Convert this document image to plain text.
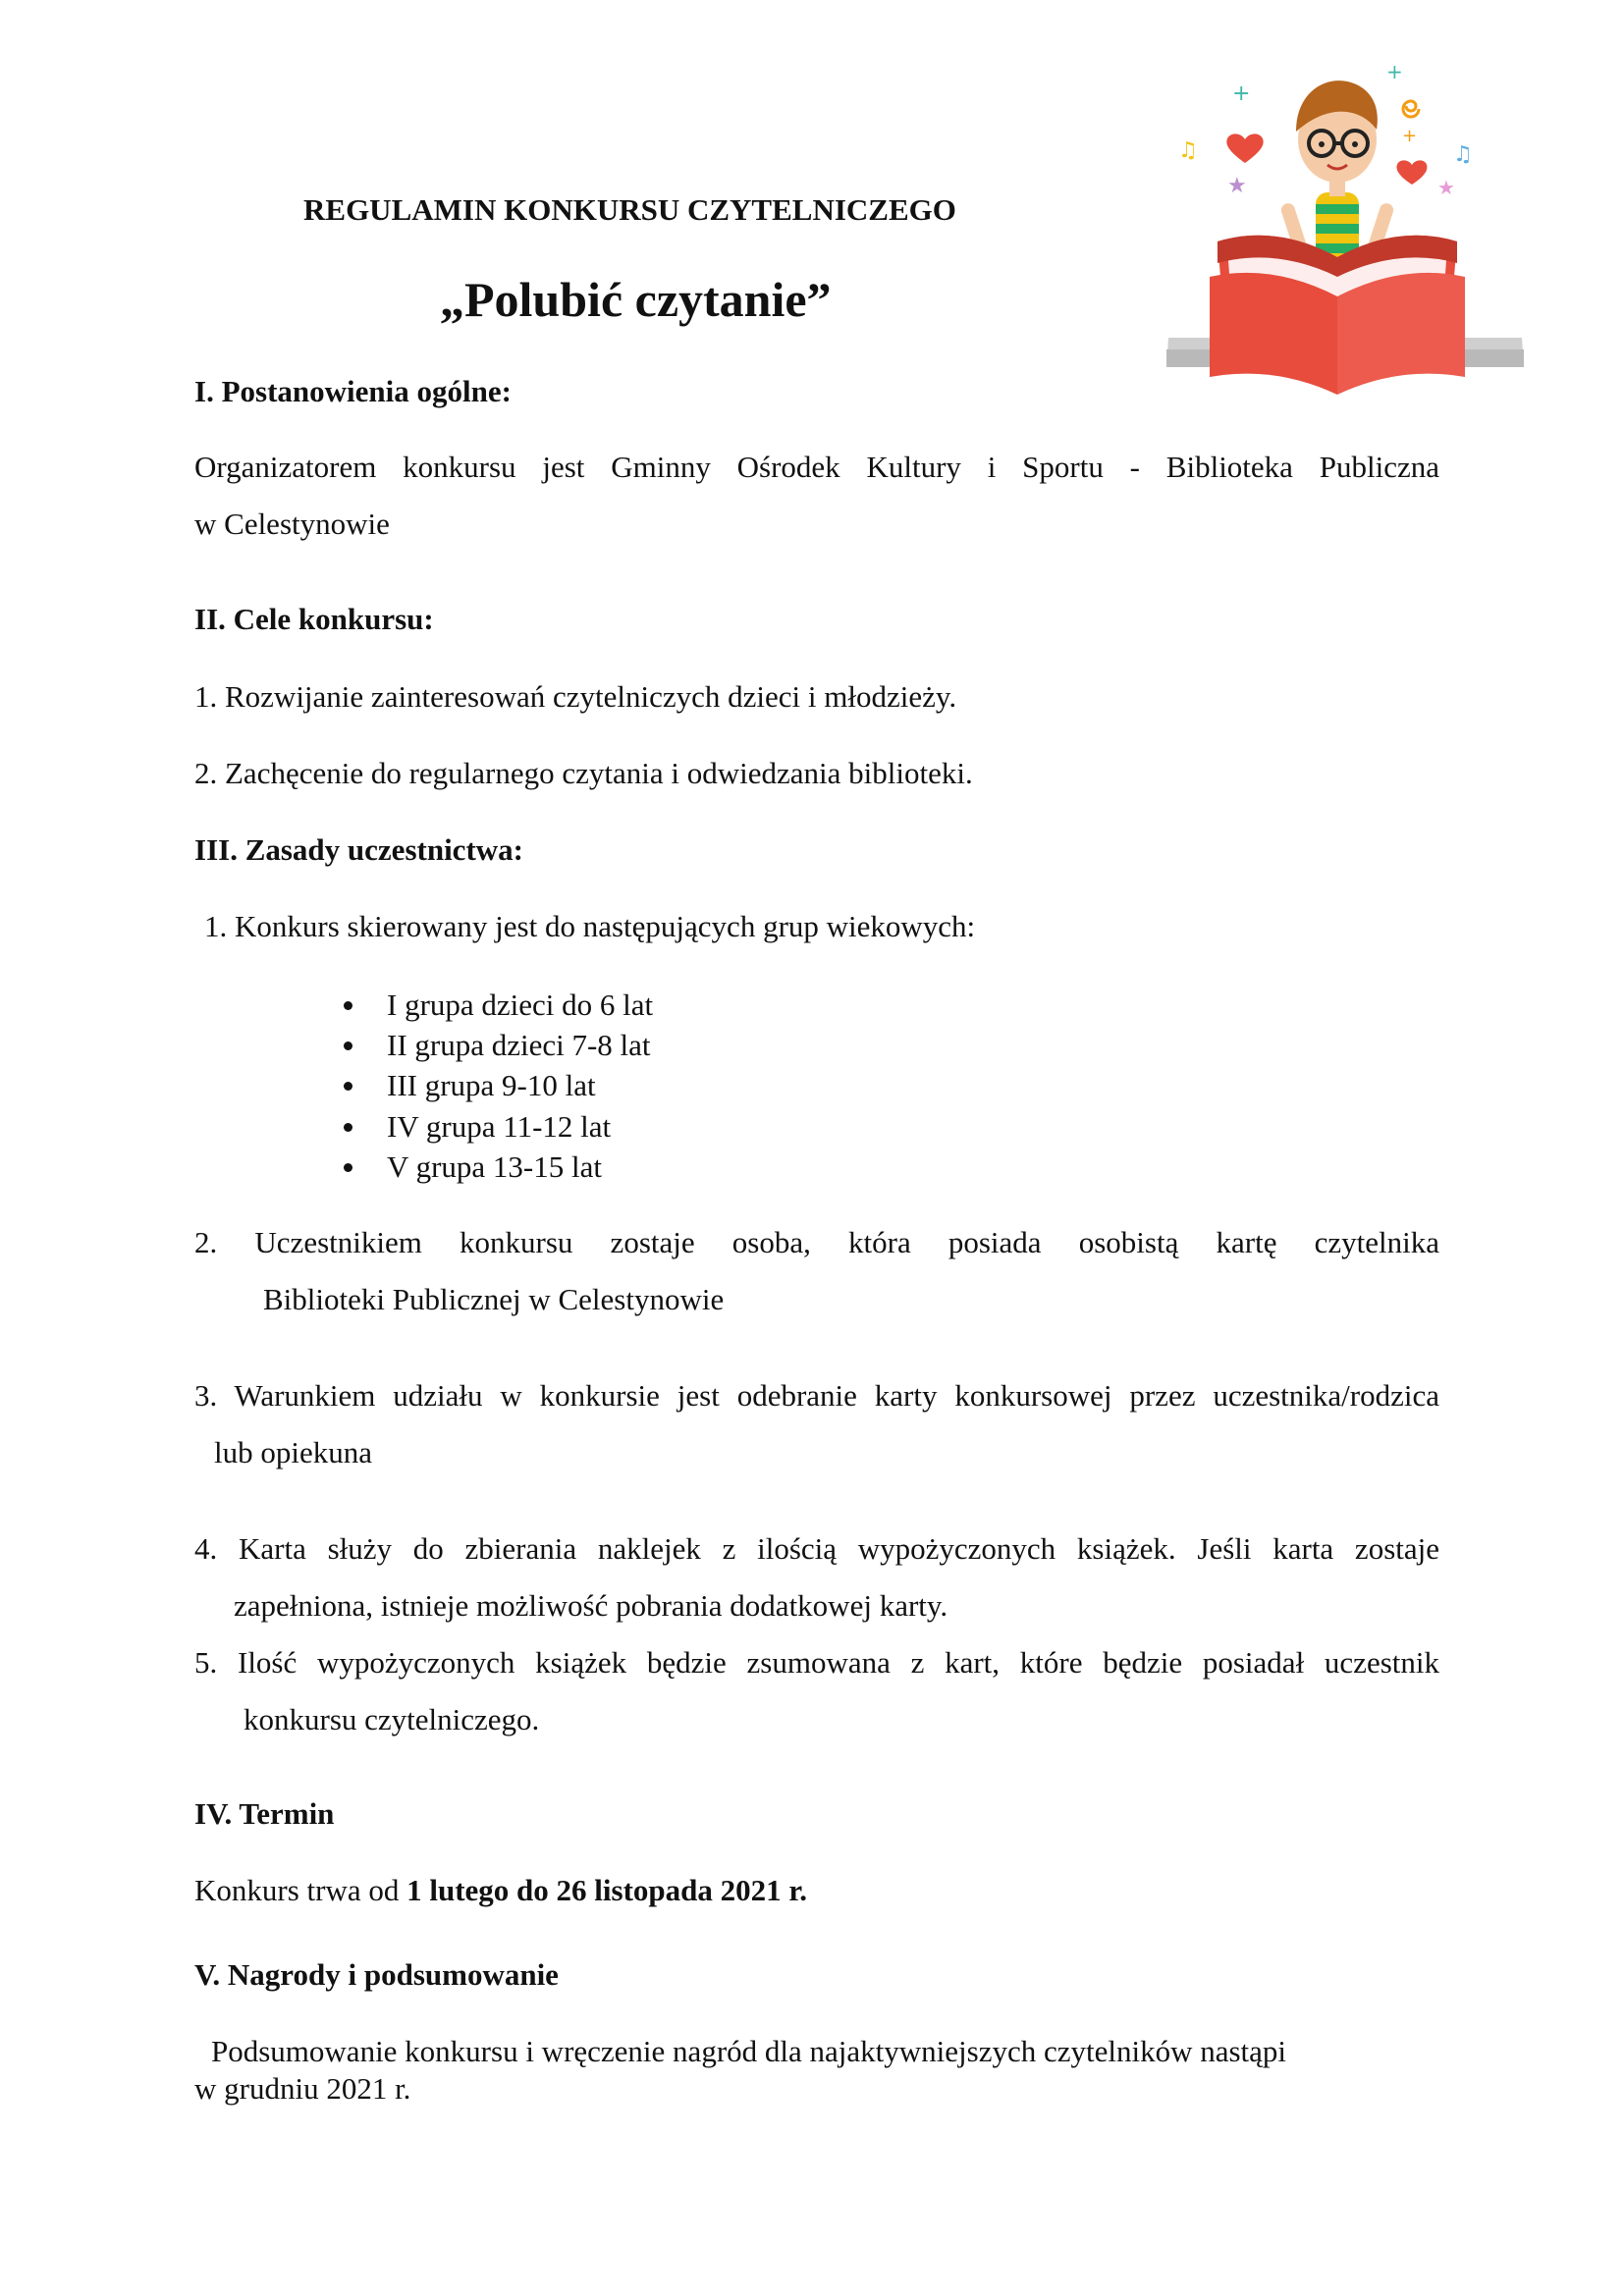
+
+
+
♫	♫
★	★
REGULAMIN KONKURSU CZYTELNICZEGO
„Polubić czytanie”
I. Postanowienia ogólne:
Organizatorem konkursu jest Gminny Ośrodek Kultury i Sportu - Biblioteka Publiczna
w Celestynowie
II. Cele konkursu:
1. Rozwijanie zainteresowań czytelniczych dzieci i młodzieży.
2. Zachęcenie do regularnego czytania i odwiedzania biblioteki.
III. Zasady uczestnictwa:
1. Konkurs skierowany jest do następujących grup wiekowych:
I grupa dzieci do 6 lat
II grupa dzieci 7-8 lat
III grupa 9-10 lat
IV grupa 11-12 lat
V grupa 13-15 lat
2. Uczestnikiem konkursu zostaje osoba, która posiada osobistą kartę czytelnika
Biblioteki Publicznej w Celestynowie
3. Warunkiem udziału w konkursie jest odebranie karty konkursowej przez uczestnika/rodzica
lub opiekuna
4. Karta służy do zbierania naklejek z ilością wypożyczonych książek. Jeśli karta zostaje
zapełniona, istnieje możliwość pobrania dodatkowej karty.
5. Ilość wypożyczonych książek będzie zsumowana z kart, które będzie posiadał uczestnik
konkursu czytelniczego.
IV. Termin
Konkurs trwa od 1 lutego do 26 listopada 2021 r.
V. Nagrody i podsumowanie
Podsumowanie konkursu i wręczenie nagród dla najaktywniejszych czytelników nastąpi
w grudniu 2021 r.
